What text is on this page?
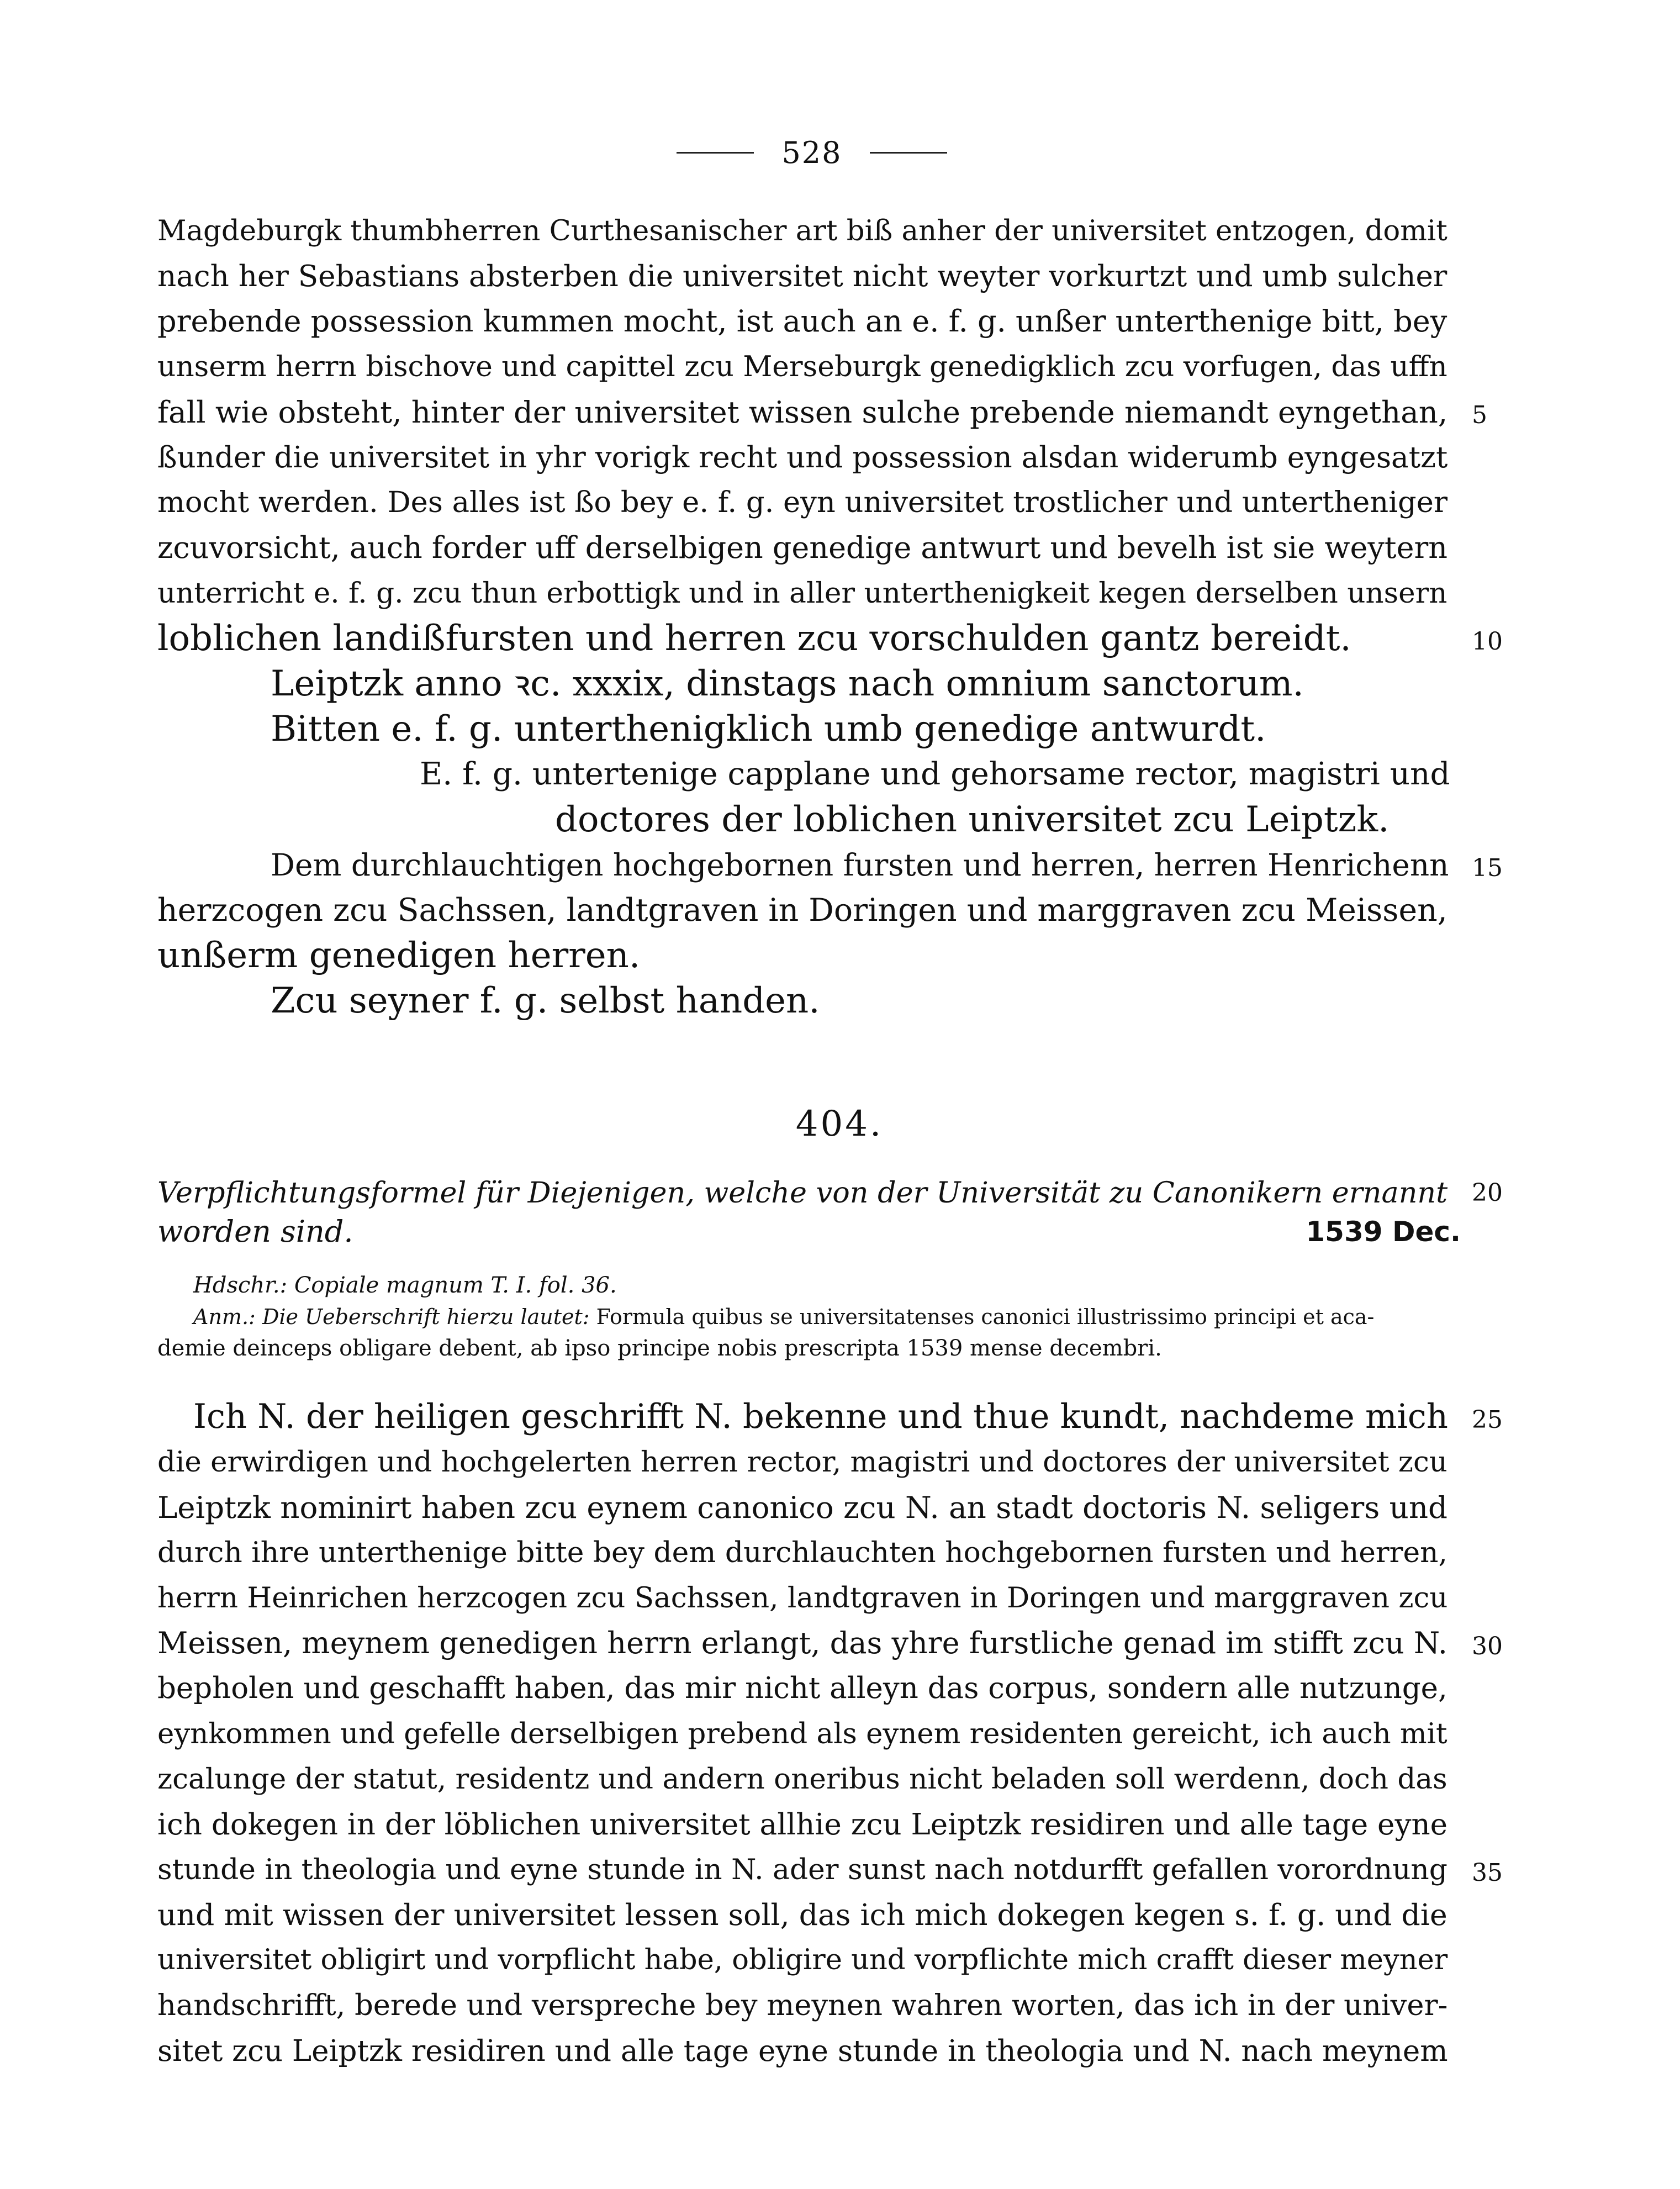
528
Magdeburgk thumbherren Curthesanischer art biß anher der universitet entzogen, domit
nach her Sebastians absterben die universitet nicht weyter vorkurtzt und umb sulcher
prebende possession kummen mocht, ist auch an e. f. g. unßer unterthenige bitt, bey
unserm herrn bischove und capittel zcu Merseburgk genedigklich zcu vorfugen, das uffn
fall wie obsteht, hinter der universitet wissen sulche prebende niemandt eyngethan, 5
ßunder die universitet in yhr vorigk recht und possession alsdan widerumb eyngesatzt
mocht werden. Des alles ist ßo bey e. f. g. eyn universitet trostlicher und untertheniger
zcuvorsicht, auch forder uff derselbigen genedige antwurt und bevelh ist sie weytern
unterricht e. f. g. zcu thun erbottigk und in aller unterthenigkeit kegen derselben unsern
loblichen landißfursten und herren zcu vorschulden gantz bereidt.	10
Leiptzk anno ꝛc. xxxix, dinstags nach omnium sanctorum.
Bitten e. f. g. unterthenigklich umb genedige antwurdt.
E. f. g. untertenige capplane und gehorsame rector, magistri und
doctores der loblichen universitet zcu Leiptzk.
Dem durchlauchtigen hochgebornen fursten und herren, herren Henrichenn 15
herzcogen zcu Sachssen, landtgraven in Doringen und marggraven zcu Meissen,
unßerm genedigen herren.
Zcu seyner f. g. selbst handen.
404.
Verpflichtungsformel für Diejenigen, welche von der Universität zu Canonikern ernannt 20
worden sind.	1539 Dec.
Hdschr.: Copiale magnum T. I. fol. 36.
Anm.: Die Ueberschrift hierzu lautet: Formula quibus se universitatenses canonici illustrissimo principi et aca-
demie deinceps obligare debent, ab ipso principe nobis prescripta 1539 mense decembri.
Ich N. der heiligen geschrifft N. bekenne und thue kundt, nachdeme mich 25
die erwirdigen und hochgelerten herren rector, magistri und doctores der universitet zcu
Leiptzk nominirt haben zcu eynem canonico zcu N. an stadt doctoris N. seligers und
durch ihre unterthenige bitte bey dem durchlauchten hochgebornen fursten und herren,
herrn Heinrichen herzcogen zcu Sachssen, landtgraven in Doringen und marggraven zcu
Meissen, meynem genedigen herrn erlangt, das yhre furstliche genad im stifft zcu N.	30
bepholen und geschafft haben, das mir nicht alleyn das corpus, sondern alle nutzunge,
eynkommen und gefelle derselbigen prebend als eynem residenten gereicht, ich auch mit
zcalunge der statut, residentz und andern oneribus nicht beladen soll werdenn, doch das
ich dokegen in der löblichen universitet allhie zcu Leiptzk residiren und alle tage eyne
stunde in theologia und eyne stunde in N. ader sunst nach notdurfft gefallen vorordnung	35
und mit wissen der universitet lessen soll, das ich mich dokegen kegen s. f. g. und die
universitet obligirt und vorpflicht habe, obligire und vorpflichte mich crafft dieser meyner
handschrifft, berede und verspreche bey meynen wahren worten, das ich in der univer-
sitet zcu Leiptzk residiren und alle tage eyne stunde in theologia und N. nach meynem
